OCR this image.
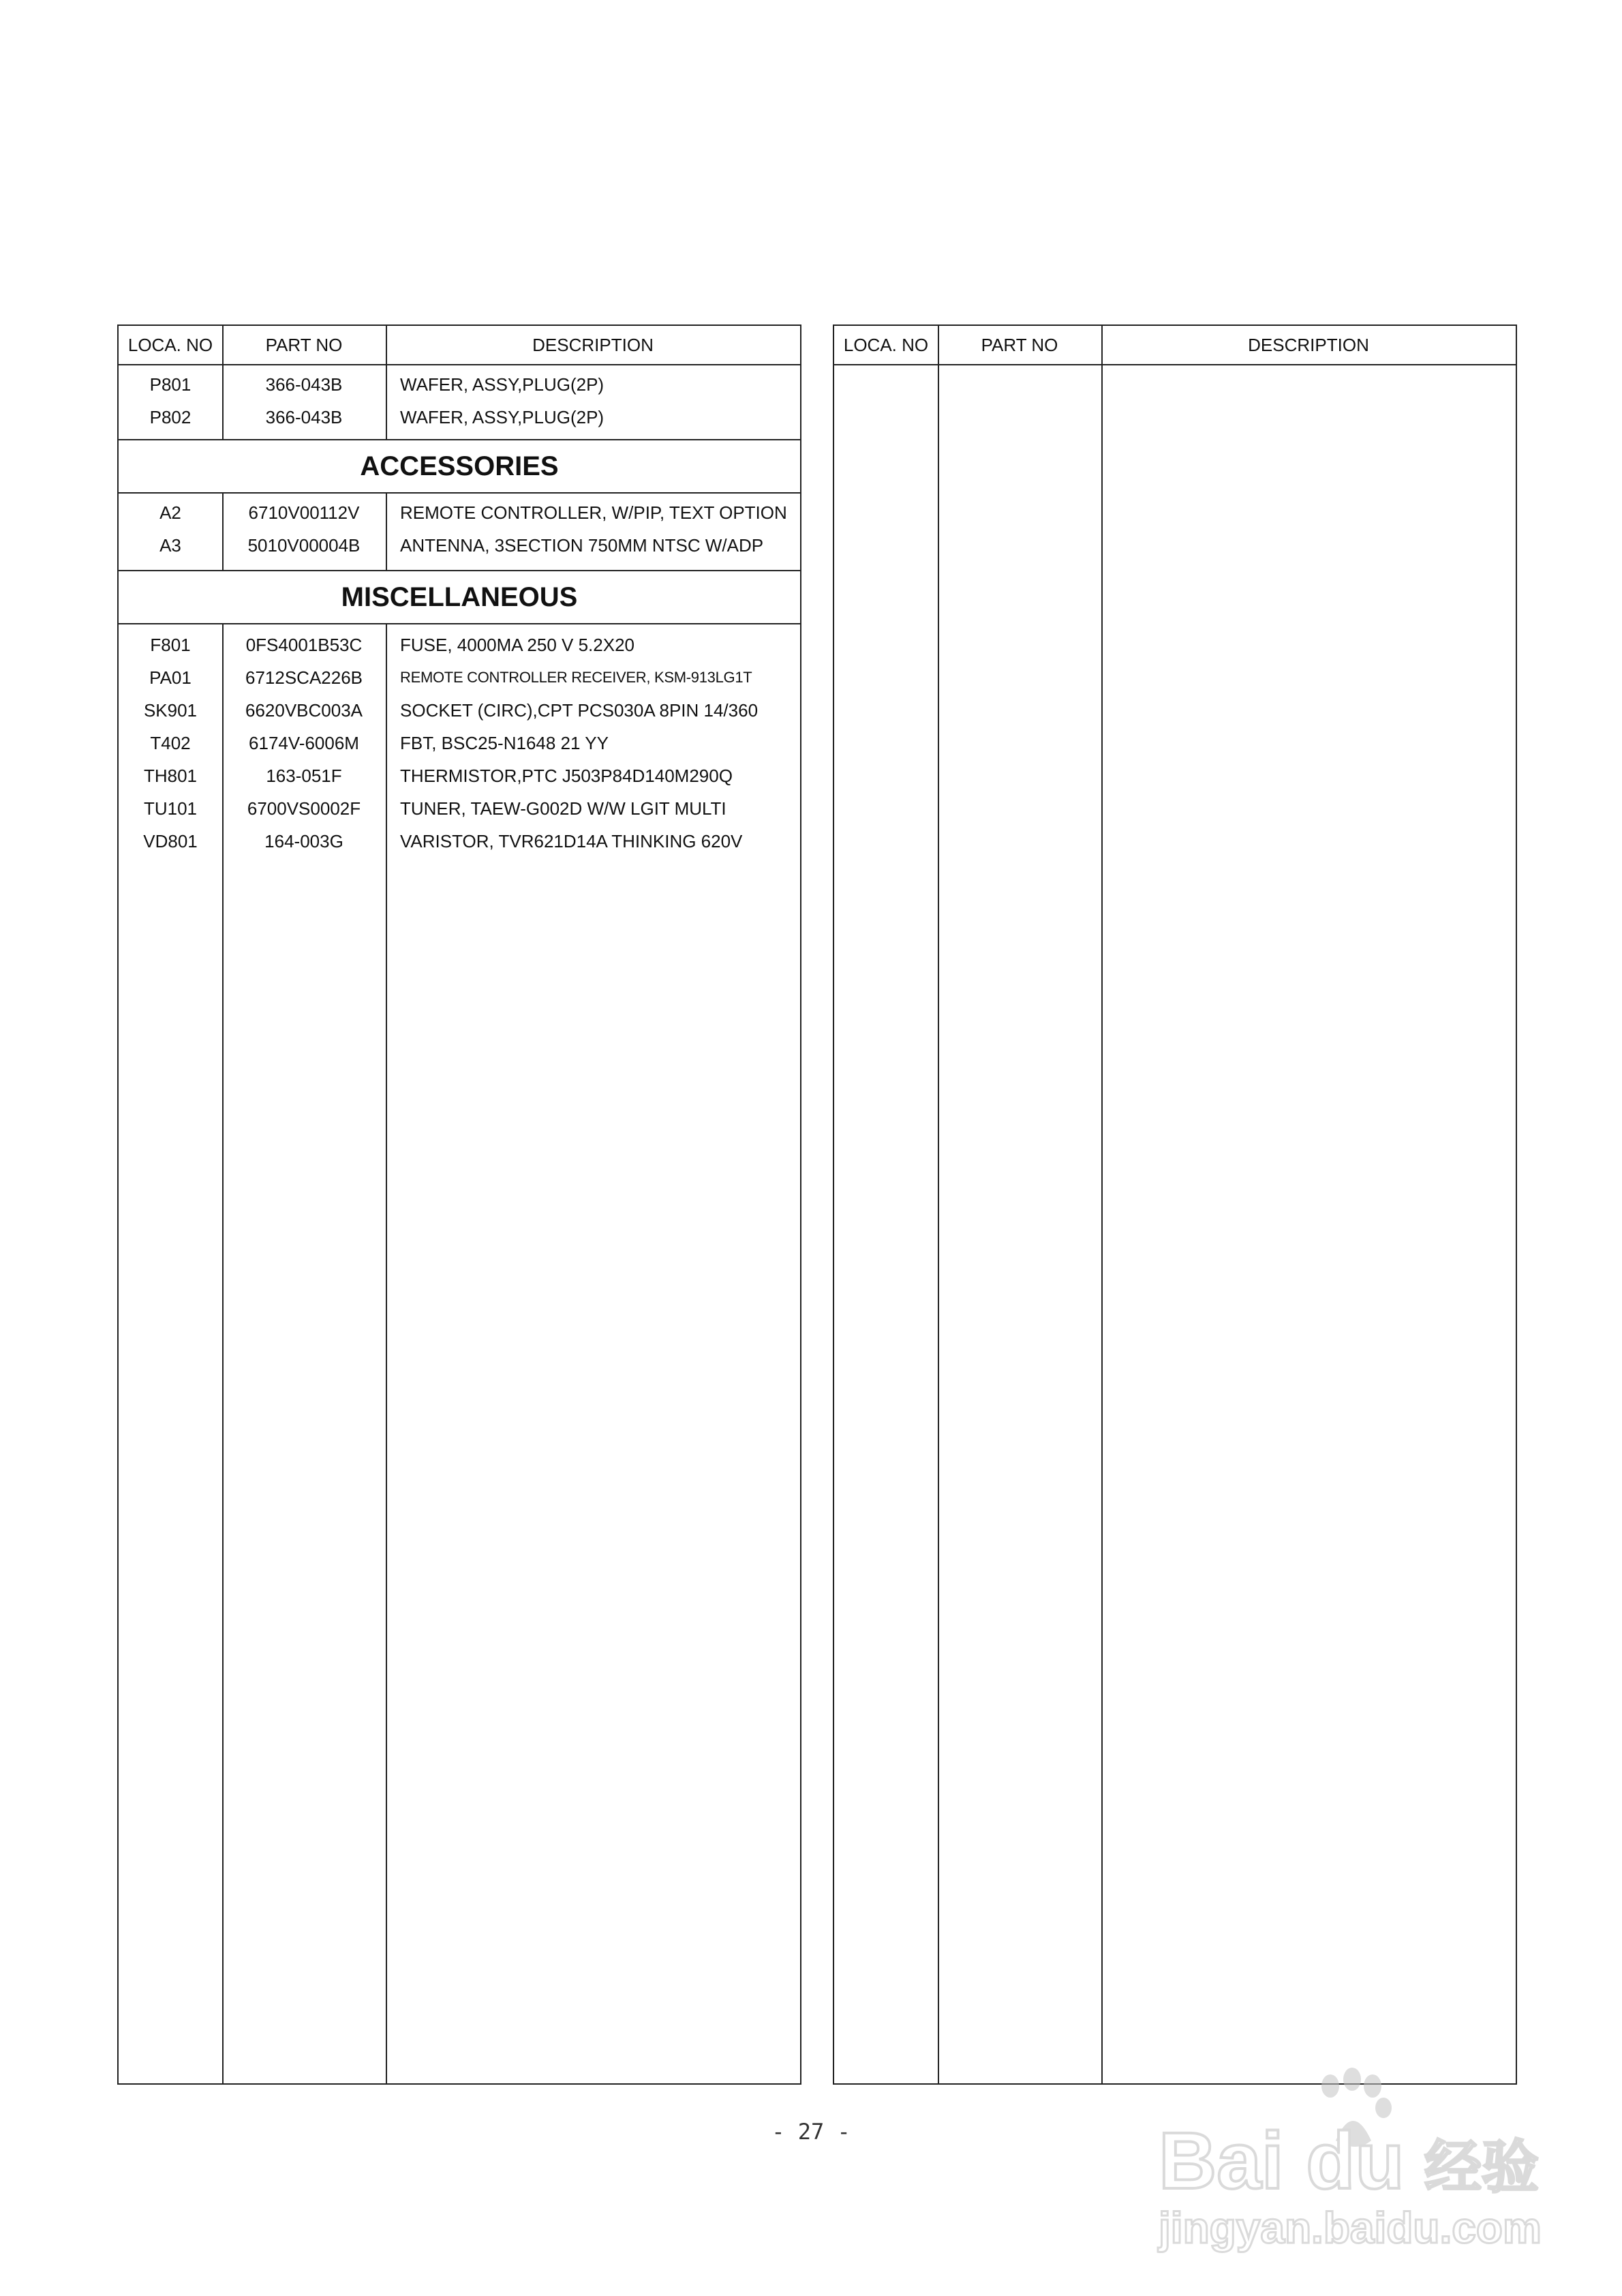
LOCA. NO	PART NO	DESCRIPTION
P801	366-043B	WAFER, ASSY,PLUG(2P)
P802	366-043B	WAFER, ASSY,PLUG(2P)
ACCESSORIES
A2	6710V00112V	REMOTE CONTROLLER, W/PIP, TEXT OPTION
A3	5010V00004B	ANTENNA, 3SECTION 750MM NTSC W/ADP
MISCELLANEOUS
F801	0FS4001B53C	FUSE, 4000MA 250 V 5.2X20
PA01	6712SCA226B	REMOTE CONTROLLER RECEIVER, KSM-913LG1T
SK901	6620VBC003A	SOCKET (CIRC),CPT PCS030A 8PIN 14/360
T402	6174V-6006M	FBT, BSC25-N1648 21 YY
TH801	163-051F	THERMISTOR,PTC J503P84D140M290Q
TU101	6700VS0002F	TUNER, TAEW-G002D W/W LGIT MULTI
VD801	164-003G	VARISTOR, TVR621D14A THINKING 620V
LOCA. NO	PART NO	DESCRIPTION
- 27 -	Bai du 经验
jingyan.baidu.com
